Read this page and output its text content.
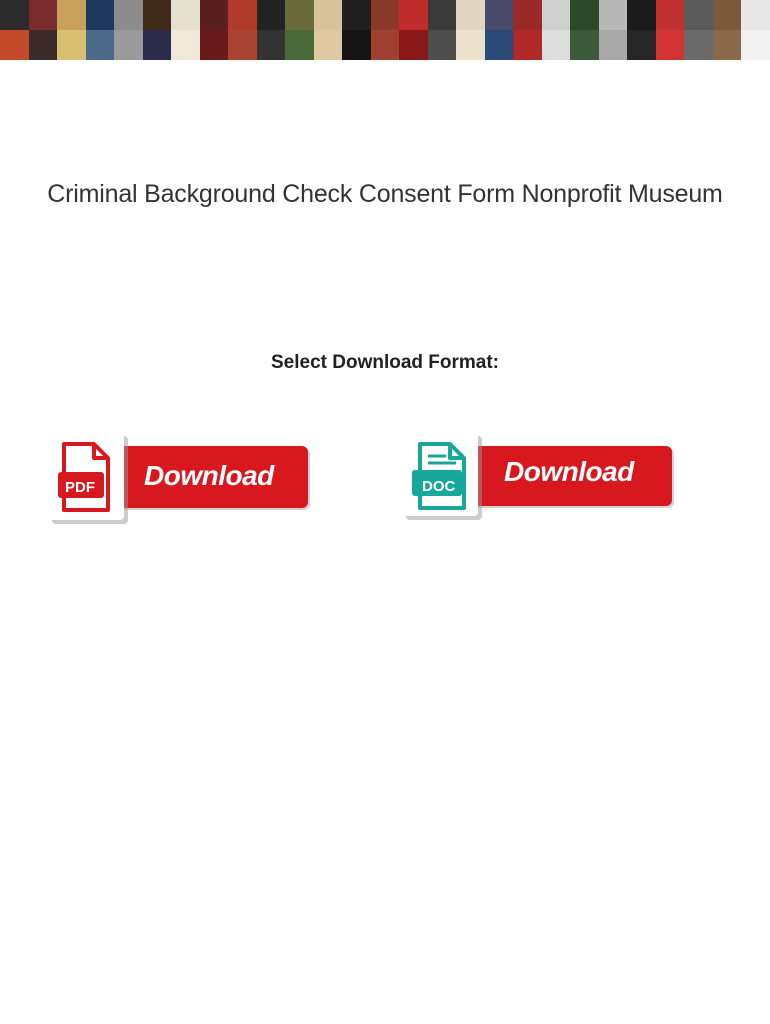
Criminal Background Check Consent Form Nonprofit Museum
Select Download Format:
PDF Download	DOC Download
